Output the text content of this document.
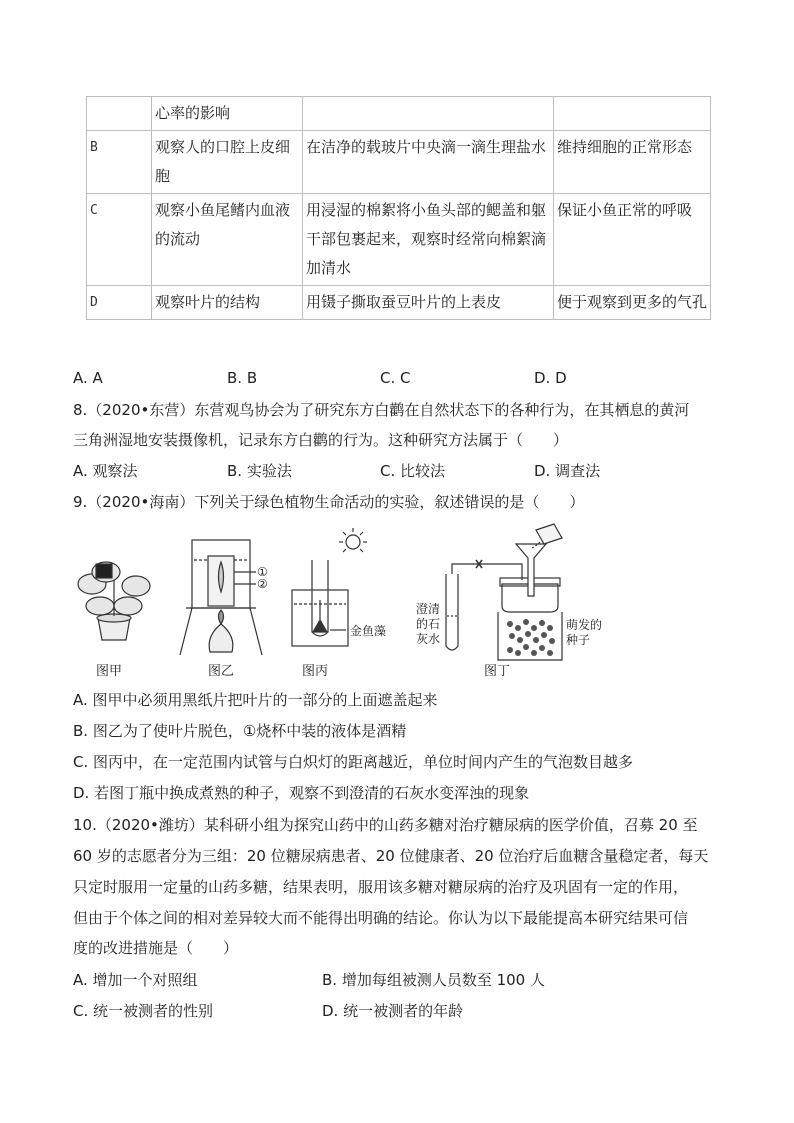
	心率的影响		
B	观察人的口腔上皮细胞	在洁净的载玻片中央滴一滴生理盐水	维持细胞的正常形态
C	观察小鱼尾鳍内血液的流动	用浸湿的棉絮将小鱼头部的鳃盖和躯干部包裹起来，观察时经常向棉絮滴加清水	保证小鱼正常的呼吸
D	观察叶片的结构	用镊子撕取蚕豆叶片的上表皮	便于观察到更多的气孔
A. A	B. B	C. C	D. D
8.（2020•东营）东营观鸟协会为了研究东方白鹳在自然状态下的各种行为，在其栖息的黄河
三角洲湿地安装摄像机，记录东方白鹳的行为。这种研究方法属于（　　）
A. 观察法	B. 实验法	C. 比较法	D. 调查法
9.（2020•海南）下列关于绿色植物生命活动的实验，叙述错误的是（　　）
图甲	图乙	图丙	图丁
①
②
金鱼藻
澄清
的石
灰水
萌发的
种子
A. 图甲中必须用黑纸片把叶片的一部分的上面遮盖起来
B. 图乙为了使叶片脱色，①烧杯中装的液体是酒精
C. 图丙中，在一定范围内试管与白炽灯的距离越近，单位时间内产生的气泡数目越多
D. 若图丁瓶中换成煮熟的种子，观察不到澄清的石灰水变浑浊的现象
10.（2020•潍坊）某科研小组为探究山药中的山药多糖对治疗糖尿病的医学价值，召募 20 至
60 岁的志愿者分为三组：20 位糖尿病患者、20 位健康者、20 位治疗后血糖含量稳定者，每天
只定时服用一定量的山药多糖，结果表明，服用该多糖对糖尿病的治疗及巩固有一定的作用，
但由于个体之间的相对差异较大而不能得出明确的结论。你认为以下最能提高本研究结果可信
度的改进措施是（　　）
A. 增加一个对照组	B. 增加每组被测人员数至 100 人
C. 统一被测者的性别	D. 统一被测者的年龄
